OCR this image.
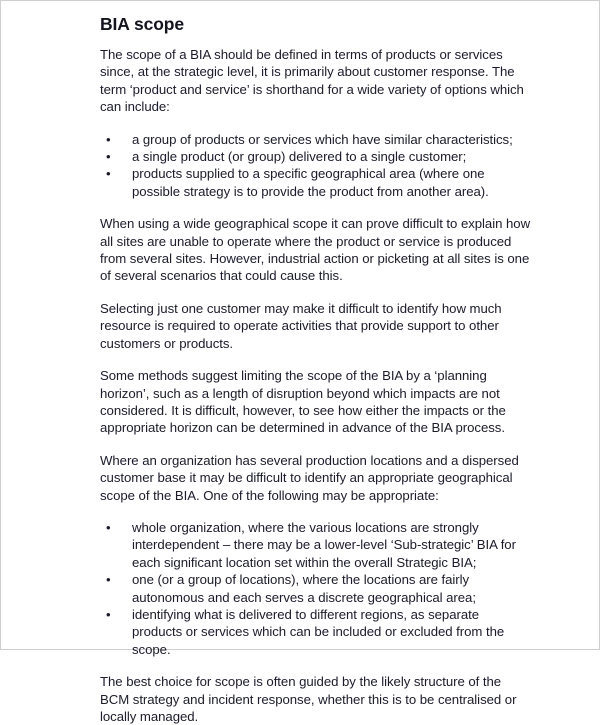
BIA scope

The scope of a BIA should be defined in terms of products or services since, at the strategic level, it is primarily about customer response. The term ‘product and service’ is shorthand for a wide variety of options which can include:

• a group of products or services which have similar characteristics;
• a single product (or group) delivered to a single customer;
• products supplied to a specific geographical area (where one possible strategy is to provide the product from another area).

When using a wide geographical scope it can prove difficult to explain how all sites are unable to operate where the product or service is produced from several sites. However, industrial action or picketing at all sites is one of several scenarios that could cause this.

Selecting just one customer may make it difficult to identify how much resource is required to operate activities that provide support to other customers or products.

Some methods suggest limiting the scope of the BIA by a ‘planning horizon’, such as a length of disruption beyond which impacts are not considered. It is difficult, however, to see how either the impacts or the appropriate horizon can be determined in advance of the BIA process.

Where an organization has several production locations and a dispersed customer base it may be difficult to identify an appropriate geographical scope of the BIA. One of the following may be appropriate:

• whole organization, where the various locations are strongly interdependent – there may be a lower-level ‘Sub-strategic’ BIA for each significant location set within the overall Strategic BIA;
• one (or a group of locations), where the locations are fairly autonomous and each serves a discrete geographical area;
• identifying what is delivered to different regions, as separate products or services which can be included or excluded from the scope.

The best choice for scope is often guided by the likely structure of the BCM strategy and incident response, whether this is to be centralised or locally managed.
